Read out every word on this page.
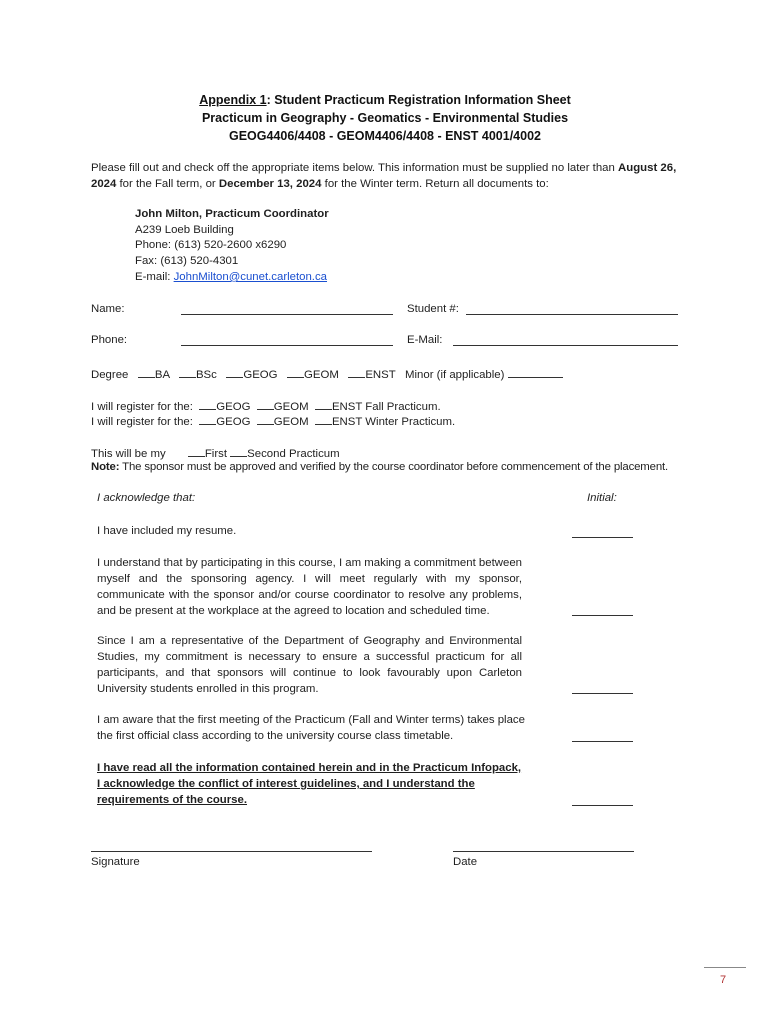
Appendix 1: Student Practicum Registration Information Sheet
Practicum in Geography - Geomatics - Environmental Studies
GEOG4406/4408 - GEOM4406/4408 - ENST 4001/4002
Please fill out and check off the appropriate items below. This information must be supplied no later than August 26, 2024 for the Fall term, or December 13, 2024 for the Winter term. Return all documents to:
John Milton, Practicum Coordinator
A239 Loeb Building
Phone: (613) 520-2600 x6290
Fax: (613) 520-4301
E-mail: JohnMilton@cunet.carleton.ca
Name:	Student #:
Phone:	E-Mail:
Degree BA BSc GEOG GEOM ENST Minor (if applicable)
I will register for the: GEOG GEOM ENST Fall Practicum.
I will register for the: GEOG GEOM ENST Winter Practicum.
This will be my	First Second Practicum
Note: The sponsor must be approved and verified by the course coordinator before commencement of the placement.
I acknowledge that:	Initial:
I have included my resume.
I understand that by participating in this course, I am making a commitment between myself and the sponsoring agency. I will meet regularly with my sponsor, communicate with the sponsor and/or course coordinator to resolve any problems, and be present at the workplace at the agreed to location and scheduled time.
Since I am a representative of the Department of Geography and Environmental Studies, my commitment is necessary to ensure a successful practicum for all participants, and that sponsors will continue to look favourably upon Carleton University students enrolled in this program.
I am aware that the first meeting of the Practicum (Fall and Winter terms) takes place the first official class according to the university course class timetable.
I have read all the information contained herein and in the Practicum Infopack, I acknowledge the conflict of interest guidelines, and I understand the requirements of the course.
Signature	Date
7
